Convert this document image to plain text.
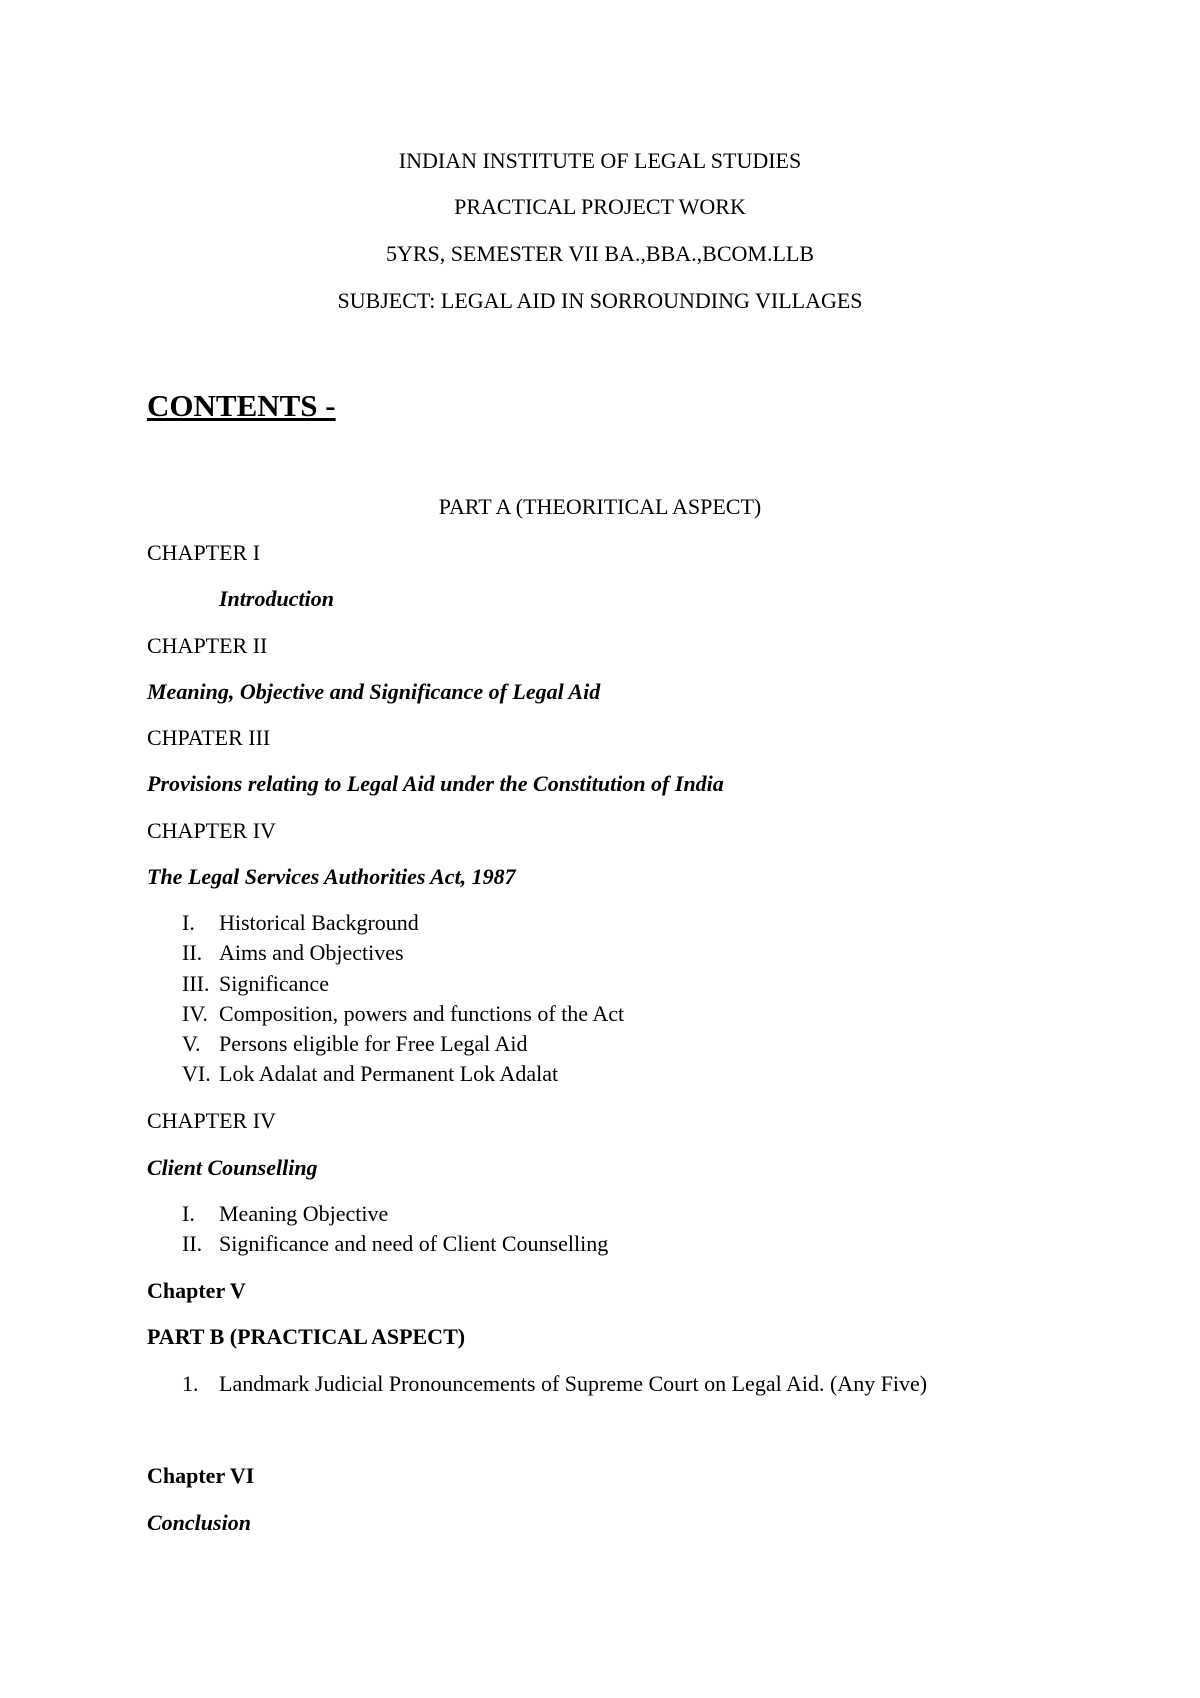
INDIAN INSTITUTE OF LEGAL STUDIES
PRACTICAL PROJECT WORK
5YRS, SEMESTER VII BA.,BBA.,BCOM.LLB
SUBJECT: LEGAL AID IN SORROUNDING VILLAGES
CONTENTS -
PART A (THEORITICAL ASPECT)
CHAPTER I
Introduction
CHAPTER II
Meaning, Objective and Significance of Legal Aid
CHPATER III
Provisions relating to Legal Aid under the Constitution of India
CHAPTER IV
The Legal Services Authorities Act, 1987
I. Historical Background
II. Aims and Objectives
III. Significance
IV. Composition, powers and functions of the Act
V. Persons eligible for Free Legal Aid
VI. Lok Adalat and Permanent Lok Adalat
CHAPTER IV
Client Counselling
I. Meaning Objective
II. Significance and need of Client Counselling
Chapter V
PART B (PRACTICAL ASPECT)
1. Landmark Judicial Pronouncements of Supreme Court on Legal Aid. (Any Five)
Chapter VI
Conclusion
